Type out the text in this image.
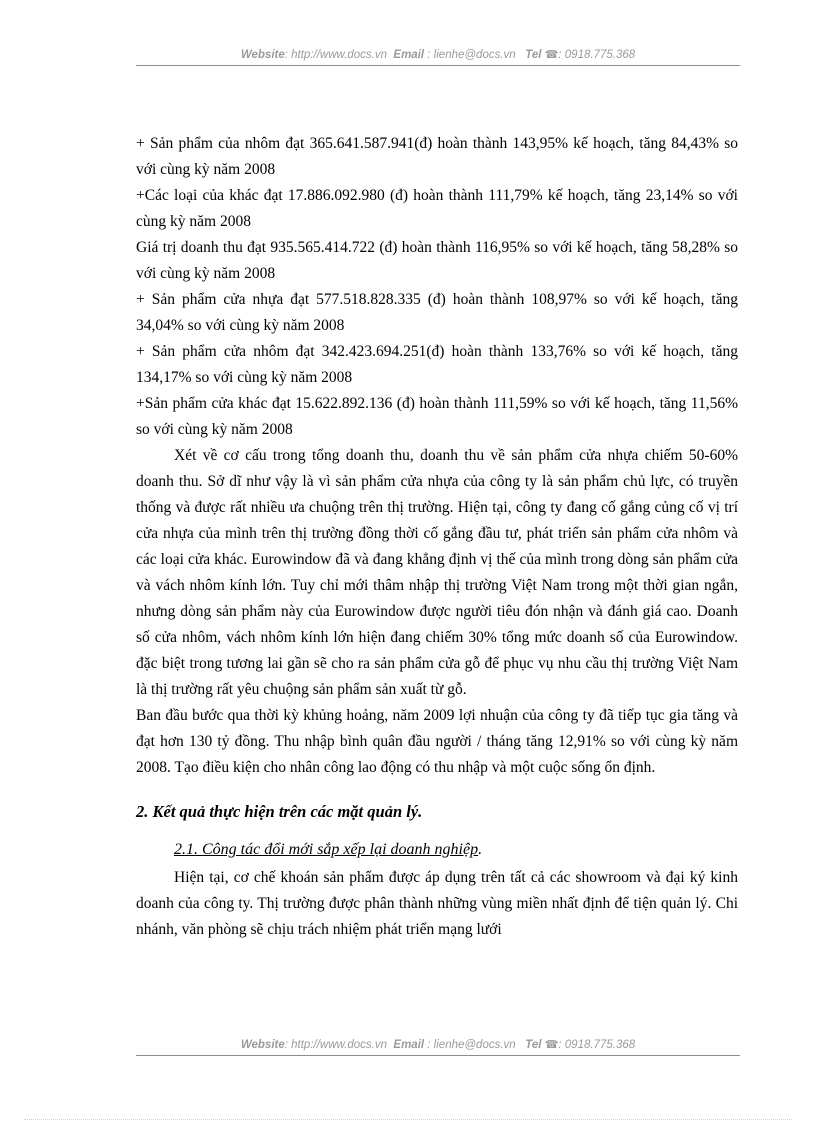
Website: http://www.docs.vn Email : lienhe@docs.vn Tel ☎: 0918.775.368

+ Sản phẩm của nhôm đạt 365.641.587.941(đ) hoàn thành 143,95% kế hoạch, tăng 84,43% so với cùng kỳ năm 2008

+Các loại của khác đạt 17.886.092.980 (đ) hoàn thành 111,79% kế hoạch, tăng 23,14% so với cùng kỳ năm 2008

Giá trị doanh thu đạt 935.565.414.722 (đ) hoàn thành 116,95% so với kế hoạch, tăng 58,28% so với cùng kỳ năm 2008

+ Sản phẩm cửa nhựa đạt 577.518.828.335 (đ) hoàn thành 108,97% so với kế hoạch, tăng 34,04% so với cùng kỳ năm 2008

+ Sản phẩm cửa nhôm đạt 342.423.694.251(đ) hoàn thành 133,76% so với kế hoạch, tăng 134,17% so với cùng kỳ năm 2008

+Sản phẩm cửa khác đạt 15.622.892.136 (đ) hoàn thành 111,59% so với kế hoạch, tăng 11,56% so với cùng kỳ năm 2008

Xét về cơ cấu trong tổng doanh thu, doanh thu về sản phẩm cửa nhựa chiếm 50-60% doanh thu. Sở dĩ như vậy là vì sản phẩm cửa nhựa của công ty là sản phẩm chủ lực, có truyền thống và được rất nhiều ưa chuộng trên thị trường. Hiện tại, công ty đang cố gắng củng cố vị trí cửa nhựa của mình trên thị trường đồng thời cố gắng đầu tư, phát triển sản phẩm cửa nhôm và các loại cửa khác. Eurowindow đã và đang khẳng định vị thế của mình trong dòng sản phẩm cửa và vách nhôm kính lớn. Tuy chỉ mới thâm nhập thị trường Việt Nam trong một thời gian ngắn, nhưng dòng sản phẩm này của Eurowindow được người tiêu đón nhận và đánh giá cao. Doanh số cửa nhôm, vách nhôm kính lớn hiện đang chiếm 30% tổng mức doanh số của Eurowindow. đặc biệt trong tương lai gần sẽ cho ra sản phẩm cửa gỗ để phục vụ nhu cầu thị trường Việt Nam là thị trường rất yêu chuộng sản phẩm sản xuất từ gỗ.

Ban đầu bước qua thời kỳ khủng hoảng, năm 2009 lợi nhuận của công ty đã tiếp tục gia tăng và đạt hơn 130 tỷ đồng. Thu nhập bình quân đầu người / tháng tăng 12,91% so với cùng kỳ năm 2008. Tạo điều kiện cho nhân công lao động có thu nhập và một cuộc sống ổn định.

2. Kết quả thực hiện trên các mặt quản lý.
2.1. Công tác đổi mới sắp xếp lại doanh nghiệp.

Hiện tại, cơ chế khoán sản phẩm được áp dụng trên tất cả các showroom và đại ký kinh doanh của công ty. Thị trường được phân thành những vùng miền nhất định để tiện quản lý. Chi nhánh, văn phòng sẽ chịu trách nhiệm phát triển mạng lưới

Website: http://www.docs.vn Email : lienhe@docs.vn Tel ☎: 0918.775.368
